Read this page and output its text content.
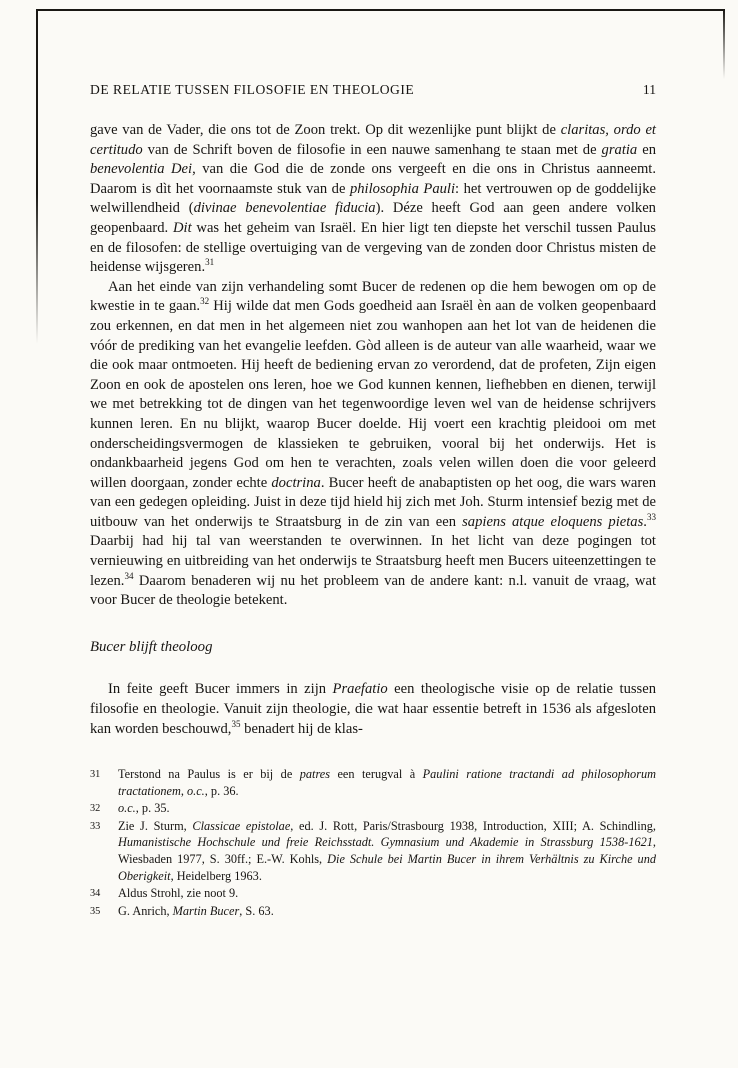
DE RELATIE TUSSEN FILOSOFIE EN THEOLOGIE	11

gave van de Vader, die ons tot de Zoon trekt. Op dit wezenlijke punt blijkt de claritas, ordo et certitudo van de Schrift boven de filosofie in een nauwe samenhang te staan met de gratia en benevolentia Dei, van die God die de zonde ons vergeeft en die ons in Christus aanneemt. Daarom is dìt het voornaamste stuk van de philosophia Pauli: het vertrouwen op de goddelijke welwillendheid (divinae benevolentiae fiducia). Déze heeft God aan geen andere volken geopenbaard. Dit was het geheim van Israël. En hier ligt ten diepste het verschil tussen Paulus en de filosofen: de stellige overtuiging van de vergeving van de zonden door Christus misten de heidense wijsgeren.$^{31}$

Aan het einde van zijn verhandeling somt Bucer de redenen op die hem bewogen om op de kwestie in te gaan.$^{32}$ Hij wilde dat men Gods goedheid aan Israël èn aan de volken geopenbaard zou erkennen, en dat men in het algemeen niet zou wanhopen aan het lot van de heidenen die vóór de prediking van het evangelie leefden. Gòd alleen is de auteur van alle waarheid, waar we die ook maar ontmoeten. Hij heeft de bediening ervan zo verordend, dat de profeten, Zijn eigen Zoon en ook de apostelen ons leren, hoe we God kunnen kennen, liefhebben en dienen, terwijl we met betrekking tot de dingen van het tegenwoordige leven wel van de heidense schrijvers kunnen leren. En nu blijkt, waarop Bucer doelde. Hij voert een krachtig pleidooi om met onderscheidingsvermogen de klassieken te gebruiken, vooral bij het onderwijs. Het is ondankbaarheid jegens God om hen te verachten, zoals velen willen doen die voor geleerd willen doorgaan, zonder echte doctrina. Bucer heeft de anabaptisten op het oog, die wars waren van een gedegen opleiding. Juist in deze tijd hield hij zich met Joh. Sturm intensief bezig met de uitbouw van het onderwijs te Straatsburg in de zin van een sapiens atque eloquens pietas.$^{33}$ Daarbij had hij tal van weerstanden te overwinnen. In het licht van deze pogingen tot vernieuwing en uitbreiding van het onderwijs te Straatsburg heeft men Bucers uiteenzettingen te lezen.$^{34}$ Daarom benaderen wij nu het probleem van de andere kant: n.l. vanuit de vraag, wat voor Bucer de theologie betekent.

Bucer blijft theoloog

In feite geeft Bucer immers in zijn Praefatio een theologische visie op de relatie tussen filosofie en theologie. Vanuit zijn theologie, die wat haar essentie betreft in 1536 als afgesloten kan worden beschouwd,$^{35}$ benadert hij de klas-

31	Terstond na Paulus is er bij de patres een terugval à Paulini ratione tractandi ad philosophorum tractationem, o.c., p. 36.
32	o.c., p. 35.
33	Zie J. Sturm, Classicae epistolae, ed. J. Rott, Paris/Strasbourg 1938, Introduction, XIII; A. Schindling, Humanistische Hochschule und freie Reichsstadt. Gymnasium und Akademie in Strassburg 1538-1621, Wiesbaden 1977, S. 30ff.; E.-W. Kohls, Die Schule bei Martin Bucer in ihrem Verhältnis zu Kirche und Oberigkeit, Heidelberg 1963.
34	Aldus Strohl, zie noot 9.
35	G. Anrich, Martin Bucer, S. 63.
